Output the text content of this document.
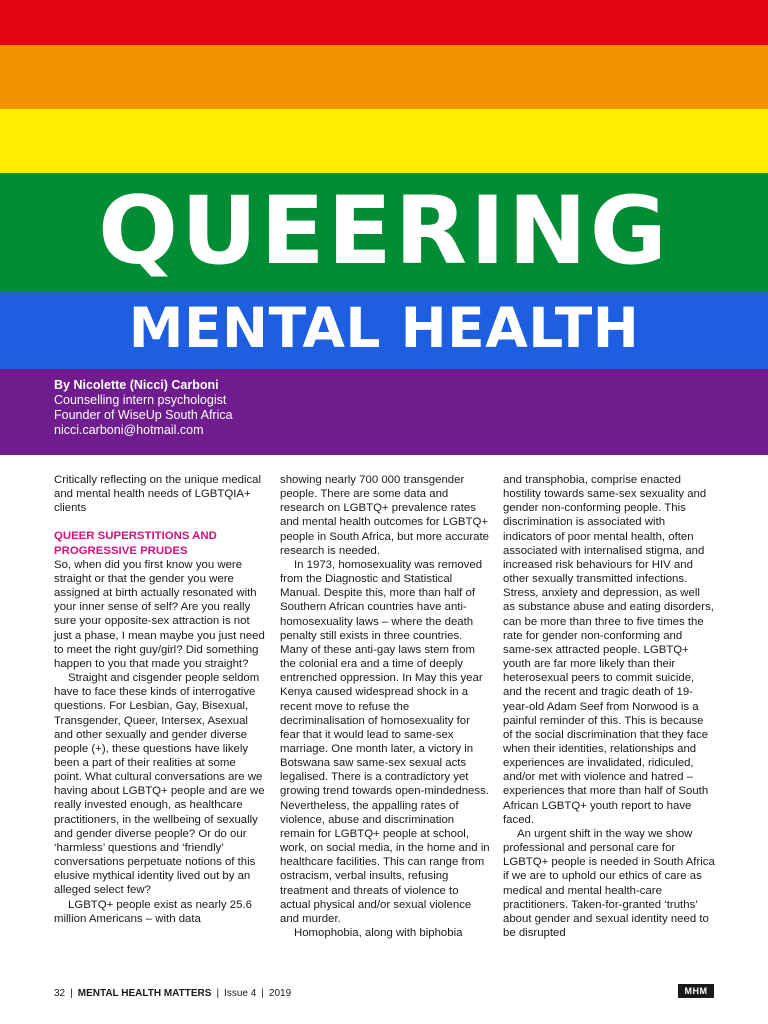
QUEERING
MENTAL HEALTH
By Nicolette (Nicci) Carboni
Counselling intern psychologist
Founder of WiseUp South Africa
nicci.carboni@hotmail.com

Critically reflecting on the unique medical and mental health needs of LGBTQIA+ clients

QUEER SUPERSTITIONS AND PROGRESSIVE PRUDES

So, when did you first know you were straight or that the gender you were assigned at birth actually resonated with your inner sense of self? Are you really sure your opposite-sex attraction is not just a phase, I mean maybe you just need to meet the right guy/girl? Did something happen to you that made you straight?

Straight and cisgender people seldom have to face these kinds of interrogative questions. For Lesbian, Gay, Bisexual, Transgender, Queer, Intersex, Asexual and other sexually and gender diverse people (+), these questions have likely been a part of their realities at some point. What cultural conversations are we having about LGBTQ+ people and are we really invested enough, as healthcare practitioners, in the wellbeing of sexually and gender diverse people? Or do our ‘harmless’ questions and ‘friendly’ conversations perpetuate notions of this elusive mythical identity lived out by an alleged select few?

LGBTQ+ people exist as nearly 25.6 million Americans – with data

showing nearly 700 000 transgender people. There are some data and research on LGBTQ+ prevalence rates and mental health outcomes for LGBTQ+ people in South Africa, but more accurate research is needed.

In 1973, homosexuality was removed from the Diagnostic and Statistical Manual. Despite this, more than half of Southern African countries have anti-homosexuality laws – where the death penalty still exists in three countries. Many of these anti-gay laws stem from the colonial era and a time of deeply entrenched oppression. In May this year Kenya caused widespread shock in a recent move to refuse the decriminalisation of homosexuality for fear that it would lead to same-sex marriage. One month later, a victory in Botswana saw same-sex sexual acts legalised. There is a contradictory yet growing trend towards open-mindedness. Nevertheless, the appalling rates of violence, abuse and discrimination remain for LGBTQ+ people at school, work, on social media, in the home and in healthcare facilities. This can range from ostracism, verbal insults, refusing treatment and threats of violence to actual physical and/or sexual violence and murder.

Homophobia, along with biphobia

and transphobia, comprise enacted hostility towards same-sex sexuality and gender non-conforming people. This discrimination is associated with indicators of poor mental health, often associated with internalised stigma, and increased risk behaviours for HIV and other sexually transmitted infections. Stress, anxiety and depression, as well as substance abuse and eating disorders, can be more than three to five times the rate for gender non-conforming and same-sex attracted people. LGBTQ+ youth are far more likely than their heterosexual peers to commit suicide, and the recent and tragic death of 19-year-old Adam Seef from Norwood is a painful reminder of this. This is because of the social discrimination that they face when their identities, relationships and experiences are invalidated, ridiculed, and/or met with violence and hatred – experiences that more than half of South African LGBTQ+ youth report to have faced.

An urgent shift in the way we show professional and personal care for LGBTQ+ people is needed in South Africa if we are to uphold our ethics of care as medical and mental health-care practitioners. Taken-for-granted ‘truths’ about gender and sexual identity need to be disrupted

32 | MENTAL HEALTH MATTERS | Issue 4 | 2019	MHM
